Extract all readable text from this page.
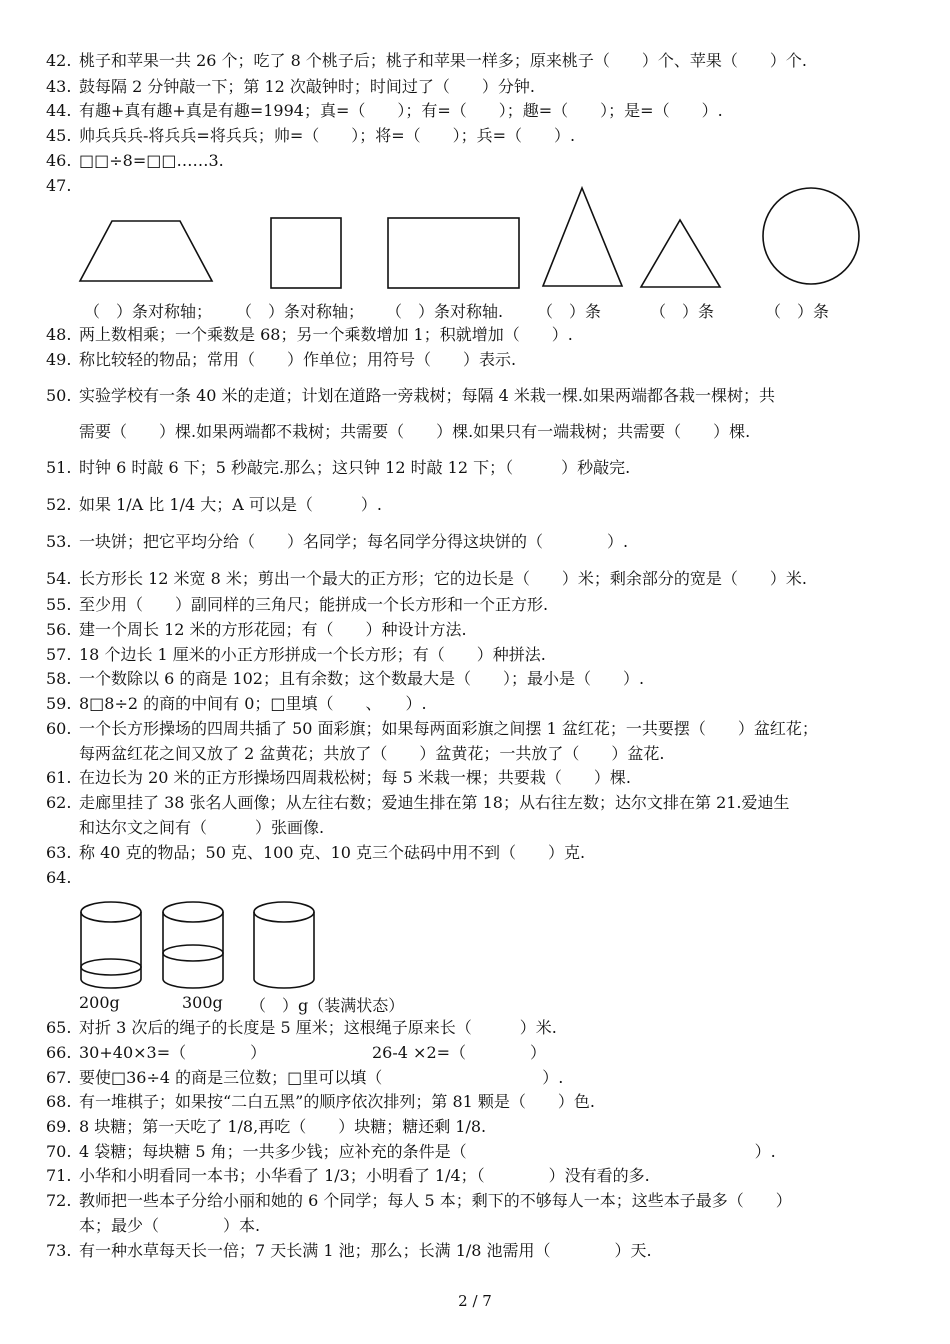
42. 桃子和苹果一共 26 个；吃了 8 个桃子后；桃子和苹果一样多；原来桃子（　　）个、苹果（　　）个.
43. 鼓每隔 2 分钟敲一下；第 12 次敲钟时；时间过了（　　）分钟.
44. 有趣+真有趣+真是有趣=1994；真=（　　）；有=（　　）；趣=（　　）；是=（　　）.
45. 帅兵兵兵-将兵兵=将兵兵；帅=（　　）；将=（　　）；兵=（　　）.
46. □□÷8=□□……3.
47.
（　）条对称轴； （　）条对称轴； （　）条对称轴. （　）条	（　）条	（　）条
48. 两上数相乘；一个乘数是 68；另一个乘数增加 1；积就增加（　　）.
49. 称比较轻的物品；常用（　　）作单位；用符号（　　）表示.
50. 实验学校有一条 40 米的走道；计划在道路一旁栽树；每隔 4 米栽一棵.如果两端都各栽一棵树；共
需要（　　）棵.如果两端都不栽树；共需要（　　）棵.如果只有一端栽树；共需要（　　）棵.
51. 时钟 6 时敲 6 下；5 秒敲完.那么；这只钟 12 时敲 12 下；（　　　）秒敲完.
52. 如果 1/A 比 1/4 大；A 可以是（　　　）.
53. 一块饼；把它平均分给（　　）名同学；每名同学分得这块饼的（　　　　）.
54. 长方形长 12 米宽 8 米；剪出一个最大的正方形；它的边长是（　　）米；剩余部分的宽是（　　）米.
55. 至少用（　　）副同样的三角尺；能拼成一个长方形和一个正方形.
56. 建一个周长 12 米的方形花园；有（　　）种设计方法.
57. 18 个边长 1 厘米的小正方形拼成一个长方形；有（　　）种拼法.
58. 一个数除以 6 的商是 102；且有余数；这个数最大是（　　）；最小是（　　）.
59. 8□8÷2 的商的中间有 0；□里填（　　、　　）.
60. 一个长方形操场的四周共插了 50 面彩旗；如果每两面彩旗之间摆 1 盆红花；一共要摆（　　）盆红花；
每两盆红花之间又放了 2 盆黄花；共放了（　　）盆黄花；一共放了（　　）盆花.
61. 在边长为 20 米的正方形操场四周栽松树；每 5 米栽一棵；共要栽（　　）棵.
62. 走廊里挂了 38 张名人画像；从左往右数；爱迪生排在第 18；从右往左数；达尔文排在第 21.爱迪生
和达尔文之间有（　　　）张画像.
63. 称 40 克的物品；50 克、100 克、10 克三个砝码中用不到（　　）克.
64.
200g	300g （　）g（装满状态）
65. 对折 3 次后的绳子的长度是 5 厘米；这根绳子原来长（　　　）米.
66. 30+40×3=（　　　　）	26-4 ×2=（　　　　）
67. 要使□36÷4 的商是三位数；□里可以填（　　　　　　　　　　）.
68. 有一堆棋子；如果按“二白五黑”的顺序依次排列；第 81 颗是（　　）色.
69. 8 块糖；第一天吃了 1/8,再吃（　　）块糖；糖还剩 1/8.
70. 4 袋糖；每块糖 5 角；一共多少钱；应补充的条件是（　　　　　　　　　　　　　　　　　　）.
71. 小华和小明看同一本书；小华看了 1/3；小明看了 1/4；（　　　　）没有看的多.
72. 教师把一些本子分给小丽和她的 6 个同学；每人 5 本；剩下的不够每人一本；这些本子最多（　　）
本；最少（　　　　）本.
73. 有一种水草每天长一倍；7 天长满 1 池；那么；长满 1/8 池需用（　　　　）天.
2 / 7
